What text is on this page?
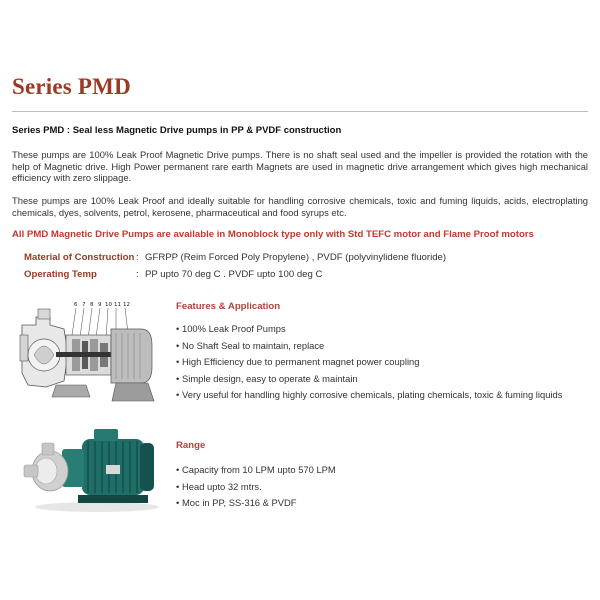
Series PMD
Series PMD : Seal less Magnetic Drive pumps in PP & PVDF construction
These pumps are 100% Leak Proof Magnetic Drive pumps. There is no shaft seal used and the impeller is provided the rotation with the help of Magnetic drive. High Power permanent rare earth Magnets are used in magnetic drive arrangement which gives high mechanical efficiency with zero slippage.
These pumps are 100% Leak Proof and ideally suitable for handling corrosive chemicals, toxic and fuming liquids, acids, electroplating chemicals, dyes, solvents, petrol, kerosene, pharmaceutical and food syrups etc.
All PMD Magnetic Drive Pumps are available in Monoblock type only with Std TEFC motor and Flame Proof motors
Material of Construction : GFRPP (Reim Forced Poly Propylene) , PVDF (polyvinylidene fluoride)
Operating Temp	: PP upto 70 deg C . PVDF upto 100 deg C
6 7 8 9 10 11 12	Features & Application
• 100% Leak Proof Pumps
• No Shaft Seal to maintain, replace
• High Efficiency due to permanent magnet power coupling
• Simple design, easy to operate & maintain
• Very useful for handling highly corrosive chemicals, plating chemicals, toxic & fuming liquids
Range
• Capacity from 10 LPM upto 570 LPM
• Head upto 32 mtrs.
• Moc in PP, SS-316 & PVDF
